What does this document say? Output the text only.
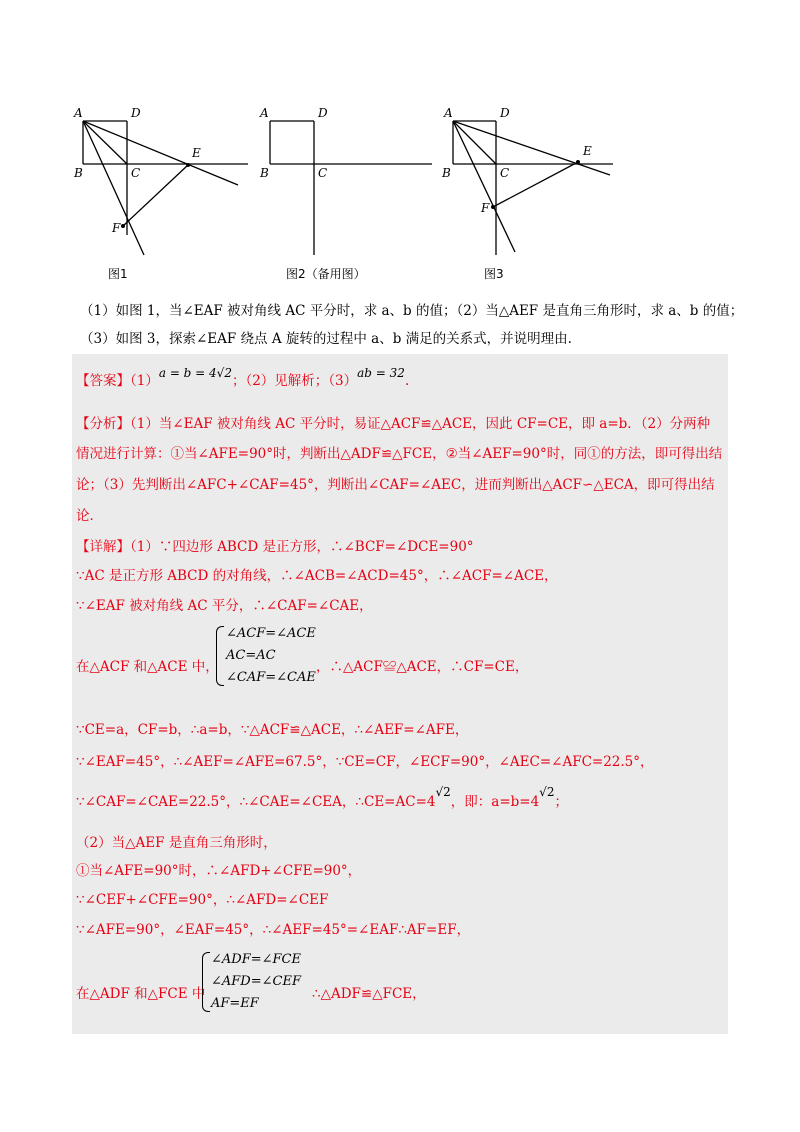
A	D
B	C
E
F
A	D
B	C
A	D
B	C
E
F
图1	图2（备用图）	图3
（1）如图 1，当∠EAF 被对角线 AC 平分时，求 a、b 的值；（2）当△AEF 是直角三角形时，求 a、b 的值；
（3）如图 3，探索∠EAF 绕点 A 旋转的过程中 a、b 满足的关系式，并说明理由.
【答案】（1）a = b = 4√2；（2）见解析；（3）ab = 32.
【分析】（1）当∠EAF 被对角线 AC 平分时，易证△ACF≌△ACE，因此 CF=CE，即 a=b．（2）分两种
情况进行计算：①当∠AFE=90°时，判断出△ADF≌△FCE，②当∠AEF=90°时，同①的方法，即可得出结
论；（3）先判断出∠AFC+∠CAF=45°，判断出∠CAF=∠AEC，进而判断出△ACF∽△ECA，即可得出结
论．
【详解】（1）∵四边形 ABCD 是正方形，∴∠BCF=∠DCE=90°
∵AC 是正方形 ABCD 的对角线，∴∠ACB=∠ACD=45°，∴∠ACF=∠ACE，
∵∠EAF 被对角线 AC 平分，∴∠CAF=∠CAE，
∠ACF=∠ACE
AC=AC
∠CAF=∠CAE
在△ACF 和△ACE 中，	，∴△ACF≌△ACE，∴CF=CE，
∵CE=a，CF=b，∴a=b，∵△ACF≌△ACE，∴∠AEF=∠AFE，
∵∠EAF=45°，∴∠AEF=∠AFE=67.5°，∵CE=CF，∠ECF=90°，∠AEC=∠AFC=22.5°，
∵∠CAF=∠CAE=22.5°，∴∠CAE=∠CEA，∴CE=AC=4√2，即：a=b=4√2；
（2）当△AEF 是直角三角形时，
①当∠AFE=90°时，∴∠AFD+∠CFE=90°，
∵∠CEF+∠CFE=90°，∴∠AFD=∠CEF
∵∠AFE=90°，∠EAF=45°，∴∠AEF=45°=∠EAF∴AF=EF，
∠ADF=∠FCE
∠AFD=∠CEF
AF=EF
在△ADF 和△FCE 中	∴△ADF≌△FCE，
